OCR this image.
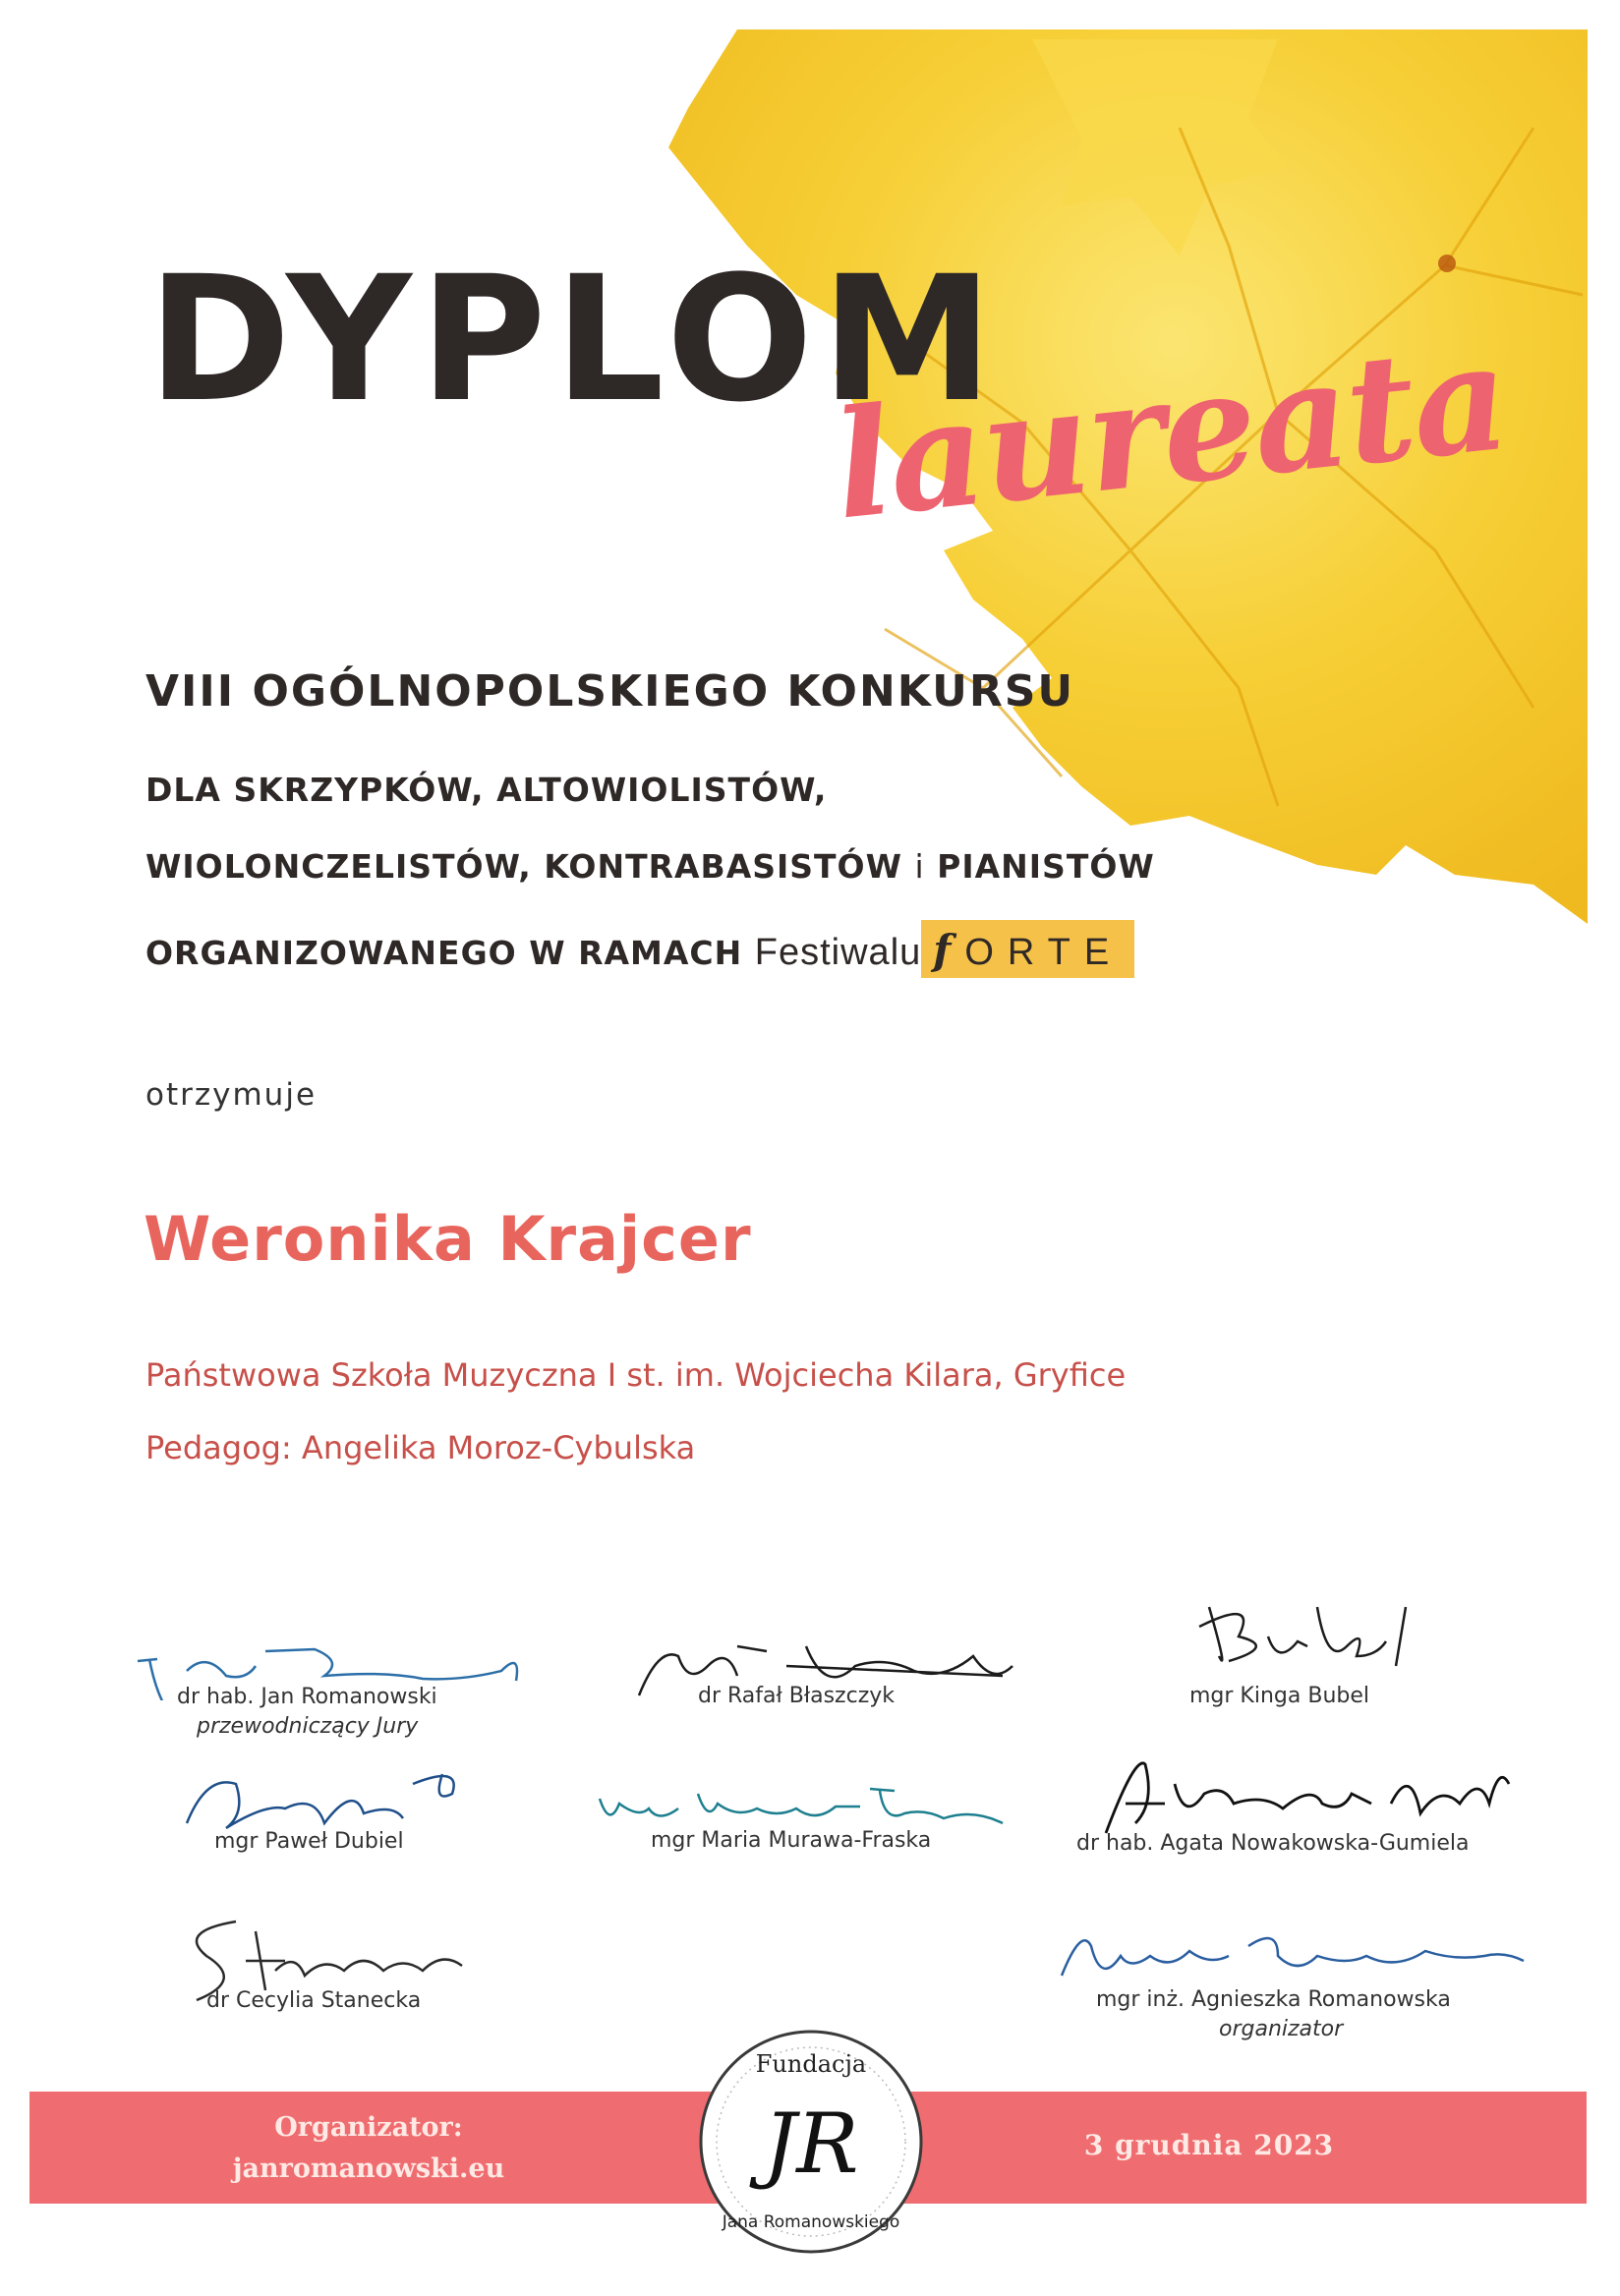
DYPLOM
laureata
VIII OGÓLNOPOLSKIEGO KONKURSU
DLA SKRZYPKÓW, ALTOWIOLISTÓW,
WIOLONCZELISTÓW, KONTRABASISTÓW i PIANISTÓW
ORGANIZOWANEGO W RAMACH Festiwalu fORTE
otrzymuje
Weronika Krajcer
Państwowa Szkoła Muzyczna I st. im. Wojciecha Kilara, Gryfice
Pedagog: Angelika Moroz-Cybulska
dr hab. Jan Romanowski
przewodniczący Jury
dr Rafał Błaszczyk	mgr Kinga Bubel
mgr Paweł Dubiel	mgr Maria Murawa-Fraska	dr hab. Agata Nowakowska-Gumiela
dr Cecylia Stanecka	mgr inż. Agnieszka Romanowska
organizator
Organizator:
janromanowski.eu
3 grudnia 2023
Fundacja
JR
Jana Romanowskiego
